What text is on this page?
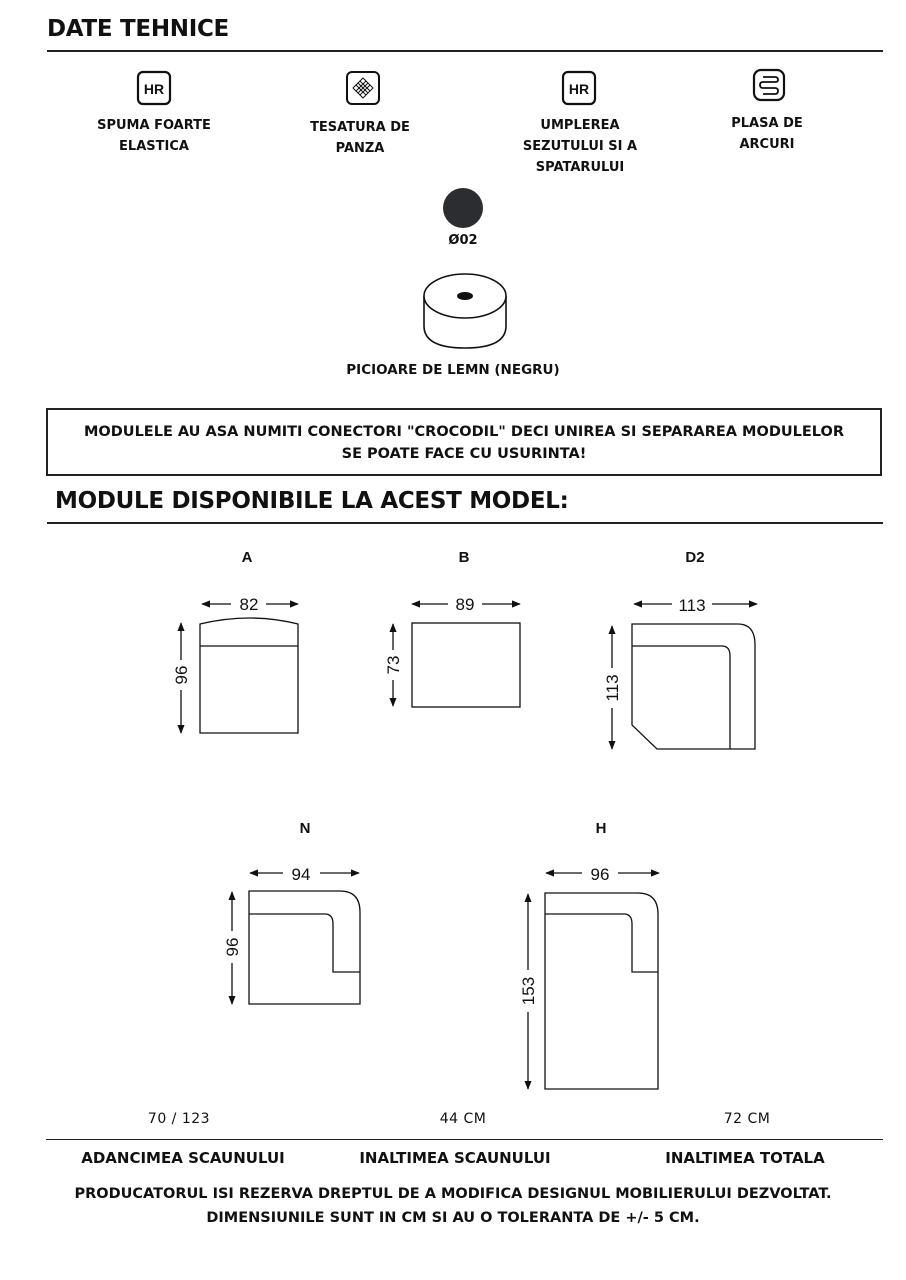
DATE TEHNICE
HR
SPUMA FOARTE
ELASTICA
TESATURA DE
PANZA
HR
UMPLEREA
SEZUTULUI SI A
SPATARULUI
PLASA DE
ARCURI
Ø02
PICIOARE DE LEMN (NEGRU)
MODULELE AU ASA NUMITI CONECTORI "CROCODIL" DECI UNIREA SI SEPARAREA MODULELOR
SE POATE FACE CU USURINTA!
MODULE DISPONIBILE LA ACEST MODEL:
A	B	D2
N	H
82
96
89
73
113
113
94
96
96
153
70 / 123	44 CM	72 CM
ADANCIMEA SCAUNULUI	INALTIMEA SCAUNULUI	INALTIMEA TOTALA
PRODUCATORUL ISI REZERVA DREPTUL DE A MODIFICA DESIGNUL MOBILIERULUI DEZVOLTAT.
DIMENSIUNILE SUNT IN CM SI AU O TOLERANTA DE +/- 5 CM.
